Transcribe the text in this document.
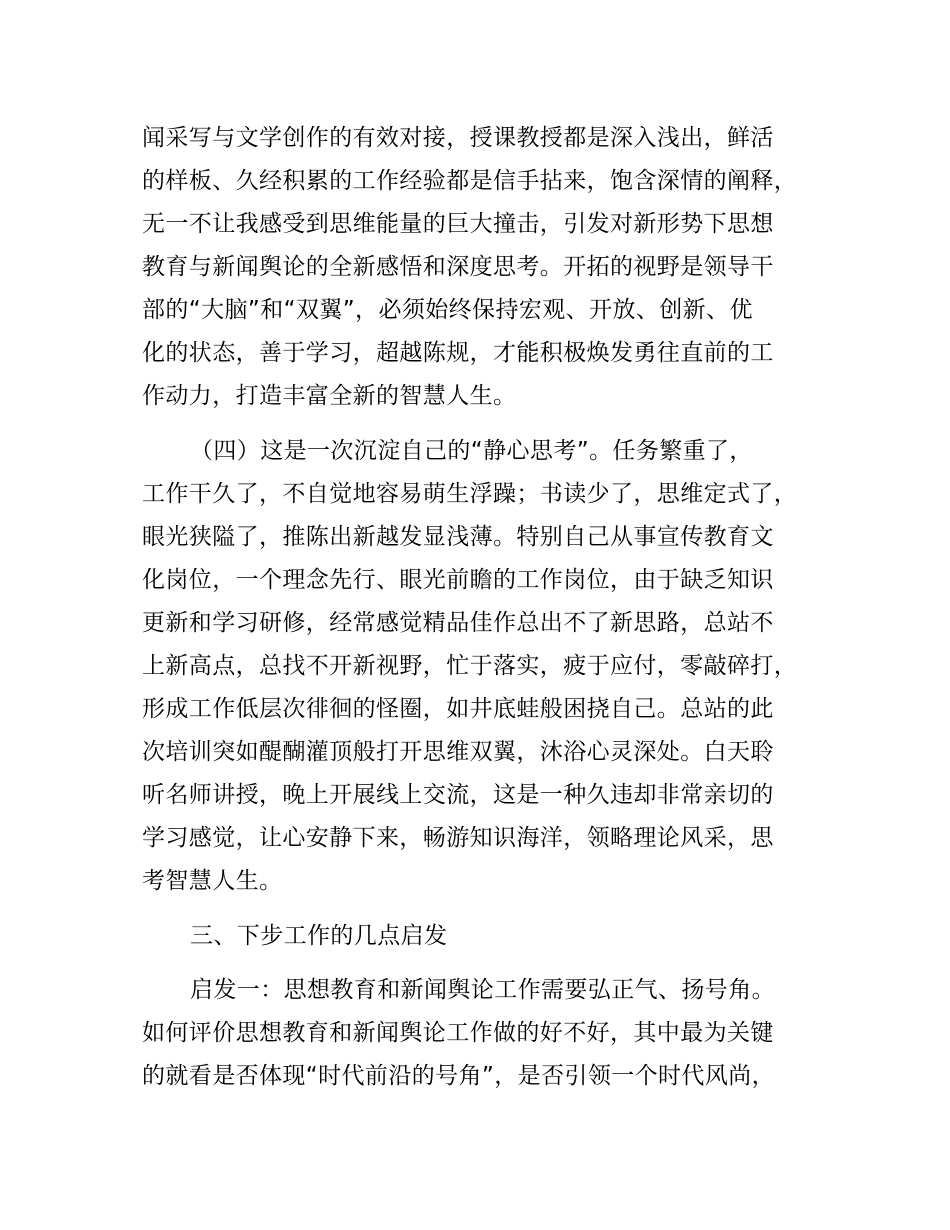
闻采写与文学创作的有效对接，授课教授都是深入浅出，鲜活
的样板、久经积累的工作经验都是信手拈来，饱含深情的阐释，
无一不让我感受到思维能量的巨大撞击，引发对新形势下思想
教育与新闻舆论的全新感悟和深度思考。开拓的视野是领导干
部的“大脑”和“双翼”，必须始终保持宏观、开放、创新、优
化的状态，善于学习，超越陈规，才能积极焕发勇往直前的工
作动力，打造丰富全新的智慧人生。
（四）这是一次沉淀自己的“静心思考”。任务繁重了，
工作干久了，不自觉地容易萌生浮躁；书读少了，思维定式了，
眼光狭隘了，推陈出新越发显浅薄。特别自己从事宣传教育文
化岗位，一个理念先行、眼光前瞻的工作岗位，由于缺乏知识
更新和学习研修，经常感觉精品佳作总出不了新思路，总站不
上新高点，总找不开新视野，忙于落实，疲于应付，零敲碎打，
形成工作低层次徘徊的怪圈，如井底蛙般困挠自己。总站的此
次培训突如醍醐灌顶般打开思维双翼，沐浴心灵深处。白天聆
听名师讲授，晚上开展线上交流，这是一种久违却非常亲切的
学习感觉，让心安静下来，畅游知识海洋，领略理论风采，思
考智慧人生。
三、下步工作的几点启发
启发一：思想教育和新闻舆论工作需要弘正气、扬号角。
如何评价思想教育和新闻舆论工作做的好不好，其中最为关键
的就看是否体现“时代前沿的号角”，是否引领一个时代风尚，
